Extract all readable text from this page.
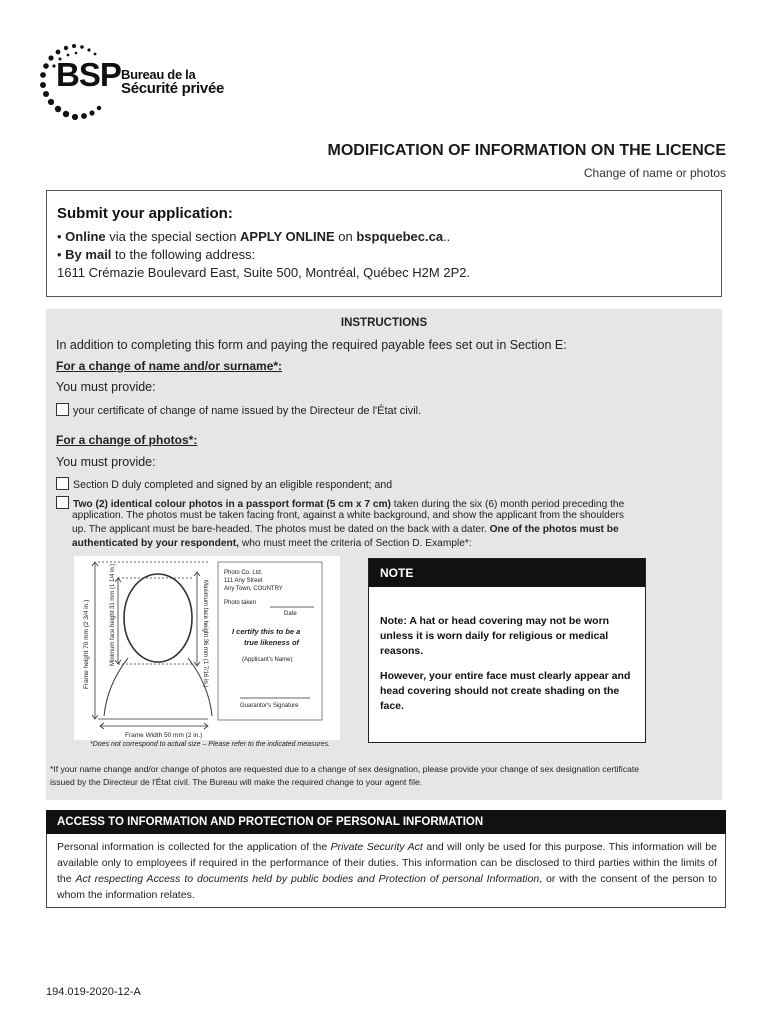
BSP Bureau de la
Sécurité privée
MODIFICATION OF INFORMATION ON THE LICENCE
Change of name or photos
Submit your application:
• Online via the special section APPLY ONLINE on bspquebec.ca..
• By mail to the following address:
1611 Crémazie Boulevard East, Suite 500, Montréal, Québec H2M 2P2.
INSTRUCTIONS
In addition to completing this form and paying the required payable fees set out in Section E:
For a change of name and/or surname*:
You must provide:
your certificate of change of name issued by the Directeur de l'État civil.
For a change of photos*:
You must provide:
Section D duly completed and signed by an eligible respondent; and
Two (2) identical colour photos in a passport format (5 cm x 7 cm) taken during the six (6) month period preceding the
application. The photos must be taken facing front, against a white background, and show the applicant from the shoulders
up. The applicant must be bare-headed. The photos must be dated on the back with a dater. One of the photos must be
authenticated by your respondent, who must meet the criteria of Section D. Example*:
*Does not correspond to actual size – Please refer to the indicated measures.
*If your name change and/or change of photos are requested due to a change of sex designation, please provide your change of sex designation certificate
issued by the Directeur de l'État civil. The Bureau will make the required change to your agent file.
Frame height 70 mm (2 3/4 in.)	Minimum face height 31 mm (1 1/4 in.)	Maximum face height 36 mm (1 7/16 in.)
Frame Width 50 mm (2 in.)
Photo Co. Ltd.
111 Any Street
Any Town, COUNTRY
Photo taken
Date
I certify this to be a
true likeness of
(Applicant's Name)
Guarantor's Signature
NOTE
Note: A hat or head covering may not be worn unless it is worn daily for religious or medical reasons.
However, your entire face must clearly appear and head covering should not create shading on the face.
ACCESS TO INFORMATION AND PROTECTION OF PERSONAL INFORMATION
Personal information is collected for the application of the Private Security Act and will only be used for this purpose. This information will be available only to employees if required in the performance of their duties. This information can be disclosed to third parties within the limits of the Act respecting Access to documents held by public bodies and Protection of personal Information, or with the consent of the person to whom the information relates.
194.019-2020-12-A
